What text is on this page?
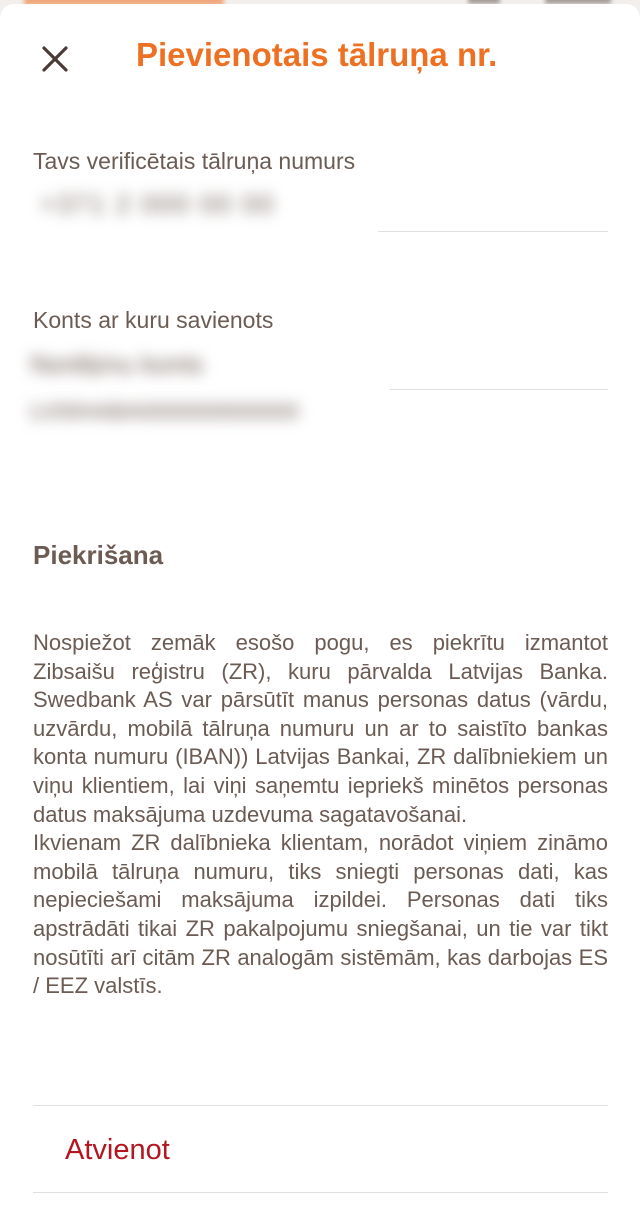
Pievienotais tālruņa nr.
Tavs verificētais tālruņa numurs
+371 2 000 00 00
Konts ar kuru savienots
Norēķinu konts
LV00HABA0000000000000
Piekrišana

Nospiežot zemāk esošo pogu, es piekrītu izmantot Zibsaišu reģistru (ZR), kuru pārvalda Latvijas Banka. Swedbank AS var pārsūtīt manus personas datus (vārdu, uzvārdu, mobilā tālruņa numuru un ar to saistīto bankas konta numuru (IBAN)) Latvijas Bankai, ZR dalībniekiem un viņu klientiem, lai viņi saņemtu iepriekš minētos personas datus maksājuma uzdevuma sagatavošanai.

Ikvienam ZR dalībnieka klientam, norādot viņiem zināmo mobilā tālruņa numuru, tiks sniegti personas dati, kas nepieciešami maksājuma izpildei. Personas dati tiks apstrādāti tikai ZR pakalpojumu sniegšanai, un tie var tikt nosūtīti arī citām ZR analogām sistēmām, kas darbojas ES / EEZ valstīs.

Atvienot
